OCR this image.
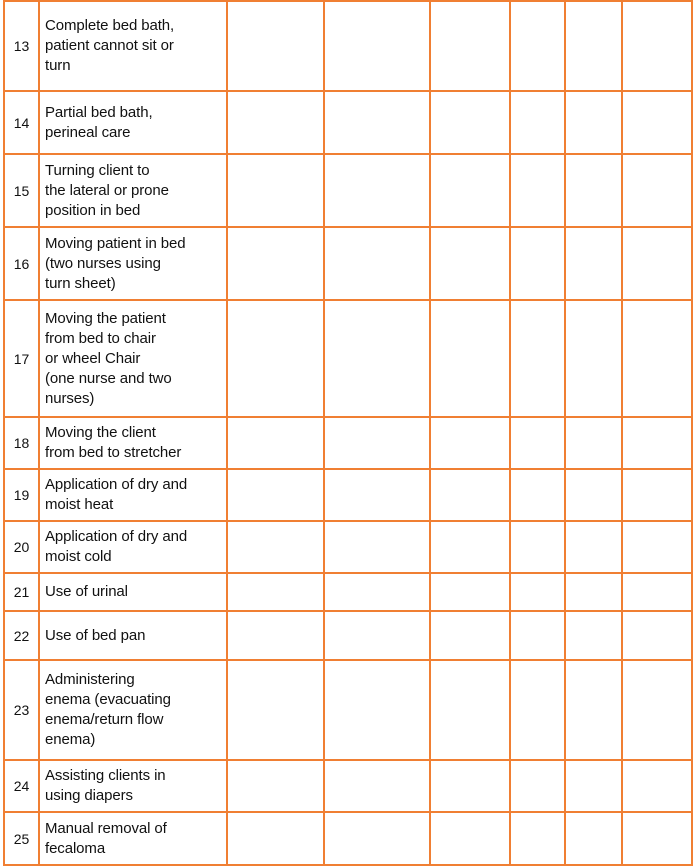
13	Complete bed bath,
patient cannot sit or
turn						

14	Partial bed bath,
perineal care						

15	Turning client to
the lateral or prone
position in bed						

16	Moving patient in bed
(two nurses using
turn sheet)						

17	Moving the patient
from bed to chair
or wheel Chair
(one nurse and two
nurses)						

18	Moving the client
from bed to stretcher						

19	Application of dry and
moist heat						

20	Application of dry and
moist cold						

21	Use of urinal						

22	Use of bed pan						

23	Administering
enema (evacuating
enema/return flow
enema)						

24	Assisting clients in
using diapers						

25	Manual removal of
fecaloma						
